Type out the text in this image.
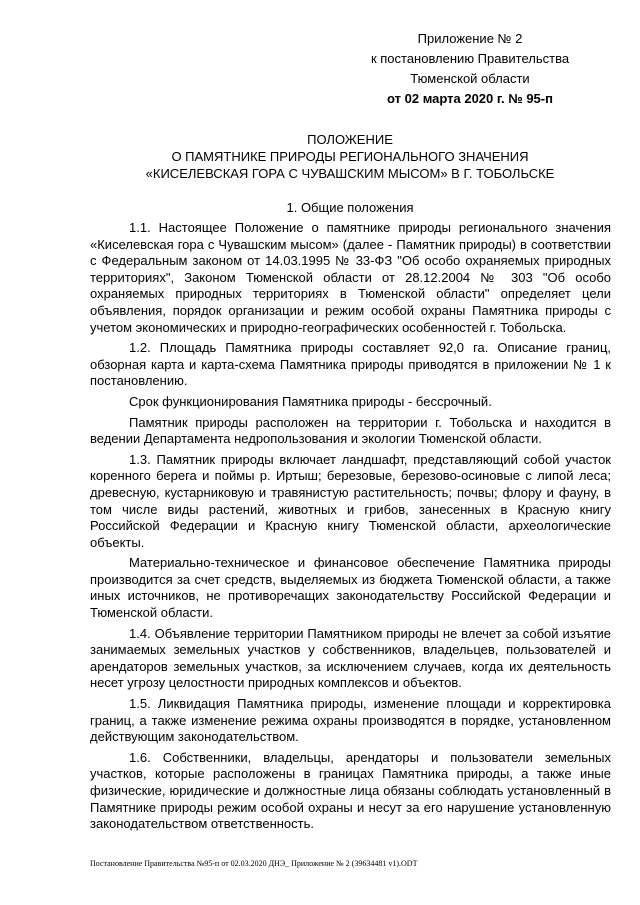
Приложение № 2
к постановлению Правительства
Тюменской области
от 02 марта 2020 г. № 95-п
ПОЛОЖЕНИЕ
О ПАМЯТНИКЕ ПРИРОДЫ РЕГИОНАЛЬНОГО ЗНАЧЕНИЯ
«КИСЕЛЕВСКАЯ ГОРА С ЧУВАШСКИМ МЫСОМ» В Г. ТОБОЛЬСКЕ
1. Общие положения

1.1. Настоящее Положение о памятнике природы регионального значения «Киселевская гора с Чувашским мысом» (далее - Памятник природы) в соответствии с Федеральным законом от 14.03.1995 № 33-ФЗ "Об особо охраняемых природных территориях", Законом Тюменской области от 28.12.2004 № 303 "Об особо охраняемых природных территориях в Тюменской области" определяет цели объявления, порядок организации и режим особой охраны Памятника природы с учетом экономических и природно-географических особенностей г. Тобольска.

1.2. Площадь Памятника природы составляет 92,0 га. Описание границ, обзорная карта и карта-схема Памятника природы приводятся в приложении № 1 к постановлению.

Срок функционирования Памятника природы - бессрочный.

Памятник природы расположен на территории г. Тобольска и находится в ведении Департамента недропользования и экологии Тюменской области.

1.3. Памятник природы включает ландшафт, представляющий собой участок коренного берега и поймы р. Иртыш; березовые, березово-осиновые с липой леса; древесную, кустарниковую и травянистую растительность; почвы; флору и фауну, в том числе виды растений, животных и грибов, занесенных в Красную книгу Российской Федерации и Красную книгу Тюменской области, археологические объекты.

Материально-техническое и финансовое обеспечение Памятника природы производится за счет средств, выделяемых из бюджета Тюменской области, а также иных источников, не противоречащих законодательству Российской Федерации и Тюменской области.

1.4. Объявление территории Памятником природы не влечет за собой изъятие занимаемых земельных участков у собственников, владельцев, пользователей и арендаторов земельных участков, за исключением случаев, когда их деятельность несет угрозу целостности природных комплексов и объектов.

1.5. Ликвидация Памятника природы, изменение площади и корректировка границ, а также изменение режима охраны производятся в порядке, установленном действующим законодательством.

1.6. Собственники, владельцы, арендаторы и пользователи земельных участков, которые расположены в границах Памятника природы, а также иные физические, юридические и должностные лица обязаны соблюдать установленный в Памятнике природы режим особой охраны и несут за его нарушение установленную законодательством ответственность.

Постановление Правительства №95-п от 02.03.2020 ДНЭ_ Приложение № 2 (39634481 v1).ODT
